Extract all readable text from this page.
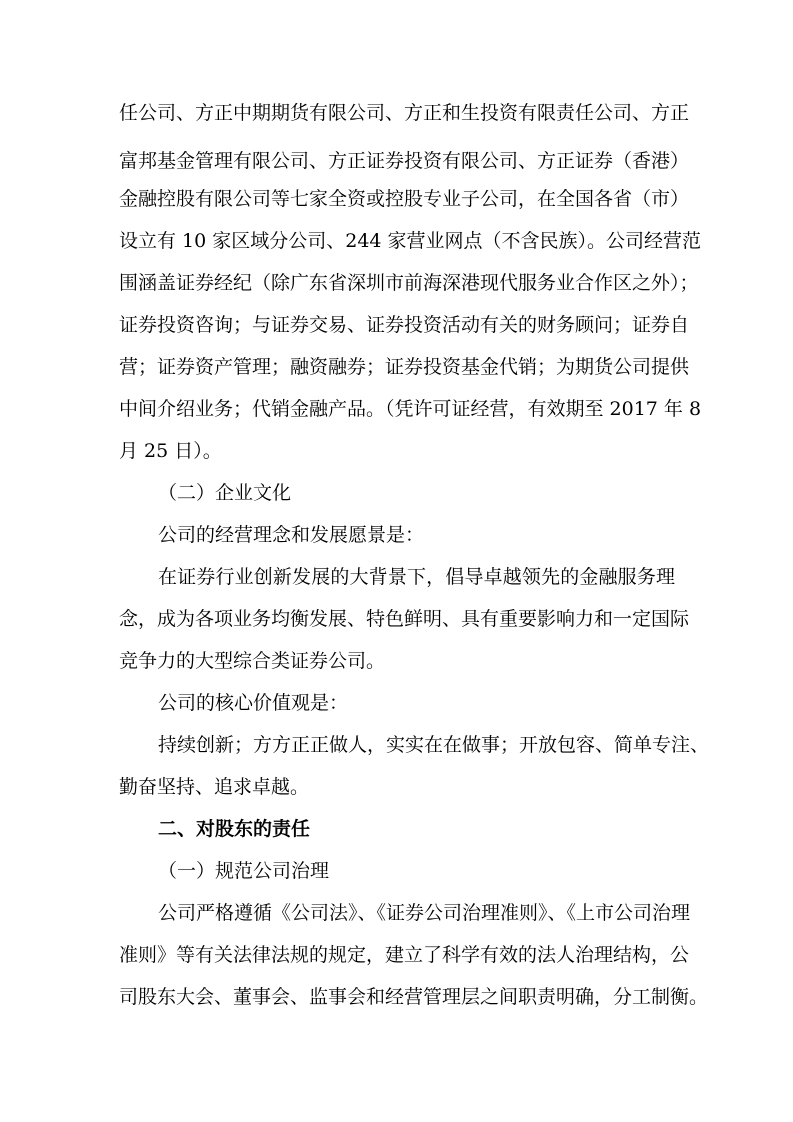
任公司、方正中期期货有限公司、方正和生投资有限责任公司、方正
富邦基金管理有限公司、方正证券投资有限公司、方正证券（香港）
金融控股有限公司等七家全资或控股专业子公司，在全国各省（市）
设立有 10 家区域分公司、244 家营业网点（不含民族）。公司经营范
围涵盖证券经纪（除广东省深圳市前海深港现代服务业合作区之外）；
证券投资咨询；与证券交易、证券投资活动有关的财务顾问；证券自
营；证券资产管理；融资融券；证券投资基金代销；为期货公司提供
中间介绍业务；代销金融产品。（凭许可证经营，有效期至 2017 年 8
月 25 日）。
（二）企业文化
公司的经营理念和发展愿景是：
在证券行业创新发展的大背景下，倡导卓越领先的金融服务理
念，成为各项业务均衡发展、特色鲜明、具有重要影响力和一定国际
竞争力的大型综合类证券公司。
公司的核心价值观是：
持续创新；方方正正做人，实实在在做事；开放包容、简单专注、
勤奋坚持、追求卓越。
二、对股东的责任
（一）规范公司治理
公司严格遵循《公司法》、《证券公司治理准则》、《上市公司治理
准则》等有关法律法规的规定，建立了科学有效的法人治理结构，公
司股东大会、董事会、监事会和经营管理层之间职责明确，分工制衡。
